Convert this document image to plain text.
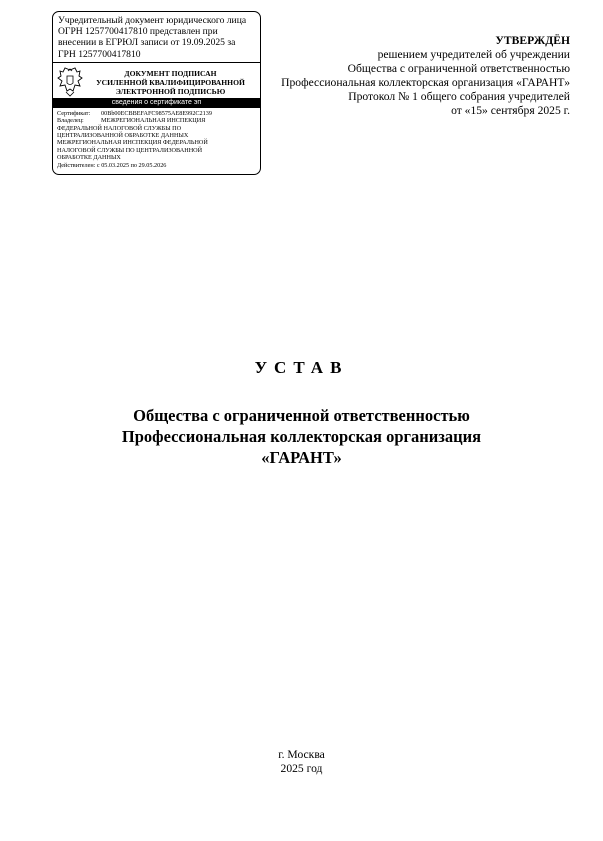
Учредительный документ юридического лица
ОГРН 1257700417810 представлен при
внесении в ЕГРЮЛ записи от 19.09.2025 за
ГРН 1257700417810
ДОКУМЕНТ ПОДПИСАН
УСИЛЕННОЙ КВАЛИФИЦИРОВАННОЙ
ЭЛЕКТРОННОЙ ПОДПИСЬЮ
сведения о сертификате эп
Сертификат: 00Bb00ECBBEFAFC98575AE8E992C2139
Владелец:	МЕЖРЕГИОНАЛЬНАЯ ИНСПЕКЦИЯ
ФЕДЕРАЛЬНОЙ НАЛОГОВОЙ СЛУЖБЫ ПО
ЦЕНТРАЛИЗОВАННОЙ ОБРАБОТКЕ ДАННЫХ
МЕЖРЕГИОНАЛЬНАЯ ИНСПЕКЦИЯ ФЕДЕРАЛЬНОЙ
НАЛОГОВОЙ СЛУЖБЫ ПО ЦЕНТРАЛИЗОВАННОЙ
ОБРАБОТКЕ ДАННЫХ
Действителен: с 05.03.2025 по 29.05.2026
УТВЕРЖДЁН
решением учредителей об учреждении
Общества с ограниченной ответственностью
Профессиональная коллекторская организация «ГАРАНТ»
Протокол № 1 общего собрания учредителей
от «15» сентября 2025 г.
УСТАВ
Общества с ограниченной ответственностью
Профессиональная коллекторская организация
«ГАРАНТ»
г. Москва
2025 год
